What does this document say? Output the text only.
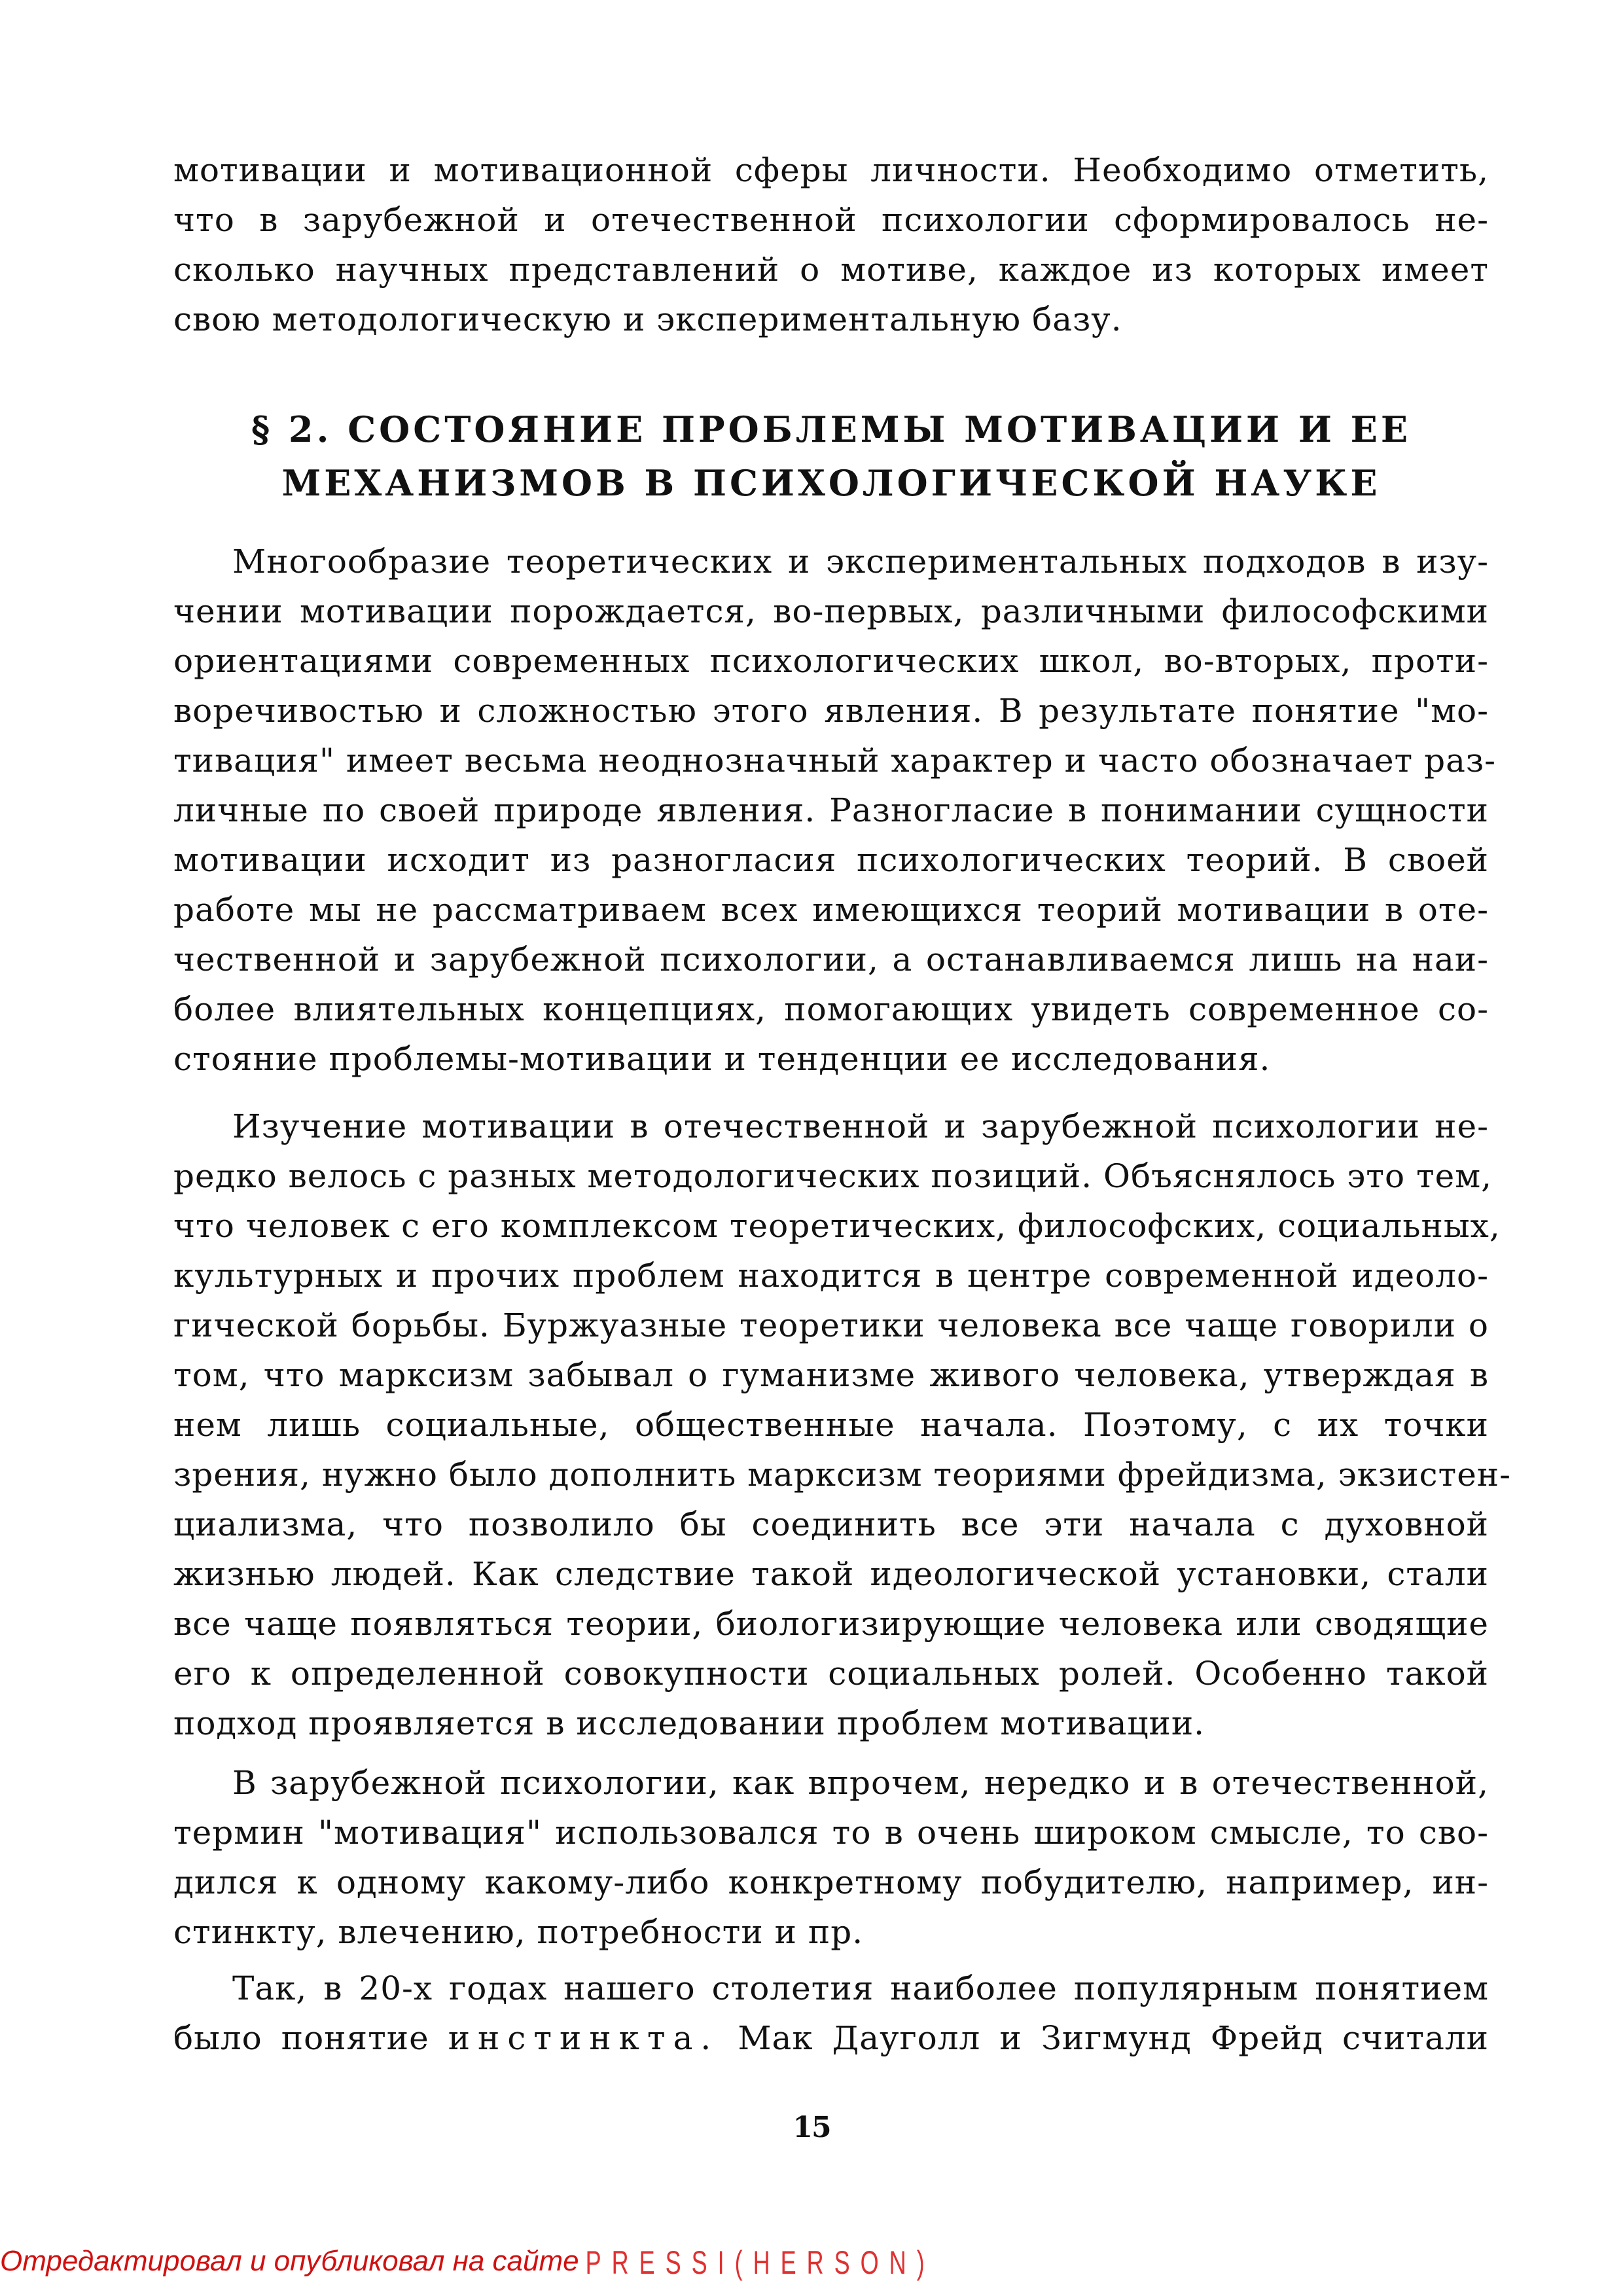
мотивации и мотивационной сферы личности. Необходимо отметить,
что в зарубежной и отечественной психологии сформировалось не-
сколько научных представлений о мотиве, каждое из которых имеет
свою методологическую и экспериментальную базу.
§ 2. СОСТОЯНИЕ ПРОБЛЕМЫ МОТИВАЦИИ И ЕЕ
МЕХАНИЗМОВ В ПСИХОЛОГИЧЕСКОЙ НАУКЕ
Многообразие теоретических и экспериментальных подходов в изу-
чении мотивации порождается, во-первых, различными философскими
ориентациями современных психологических школ, во-вторых, проти-
воречивостью и сложностью этого явления. В результате понятие "мо-
тивация" имеет весьма неоднозначный характер и часто обозначает раз-
личные по своей природе явления. Разногласие в понимании сущности
мотивации исходит из разногласия психологических теорий. В своей
работе мы не рассматриваем всех имеющихся теорий мотивации в оте-
чественной и зарубежной психологии, а останавливаемся лишь на наи-
более влиятельных концепциях, помогающих увидеть современное со-
стояние проблемы-мотивации и тенденции ее исследования.
Изучение мотивации в отечественной и зарубежной психологии не-
редко велось с разных методологических позиций. Объяснялось это тем,
что человек с его комплексом теоретических, философских, социальных,
культурных и прочих проблем находится в центре современной идеоло-
гической борьбы. Буржуазные теоретики человека все чаще говорили о
том, что марксизм забывал о гуманизме живого человека, утверждая в
нем лишь социальные, общественные начала. Поэтому, с их точки
зрения, нужно было дополнить марксизм теориями фрейдизма, экзистен-
циализма, что позволило бы соединить все эти начала с духовной
жизнью людей. Как следствие такой идеологической установки, стали
все чаще появляться теории, биологизирующие человека или сводящие
его к определенной совокупности социальных ролей. Особенно такой
подход проявляется в исследовании проблем мотивации.
В зарубежной психологии, как впрочем, нередко и в отечественной,
термин "мотивация" использовался то в очень широком смысле, то сво-
дился к одному какому-либо конкретному побудителю, например, ин-
стинкту, влечению, потребности и пр.
Так, в 20-х годах нашего столетия наиболее популярным понятием
было понятие инстинкта. Мак Дауголл и Зигмунд Фрейд считали
15
Отредактировал и опубликовал на сайте PRESSI(HERSON)
